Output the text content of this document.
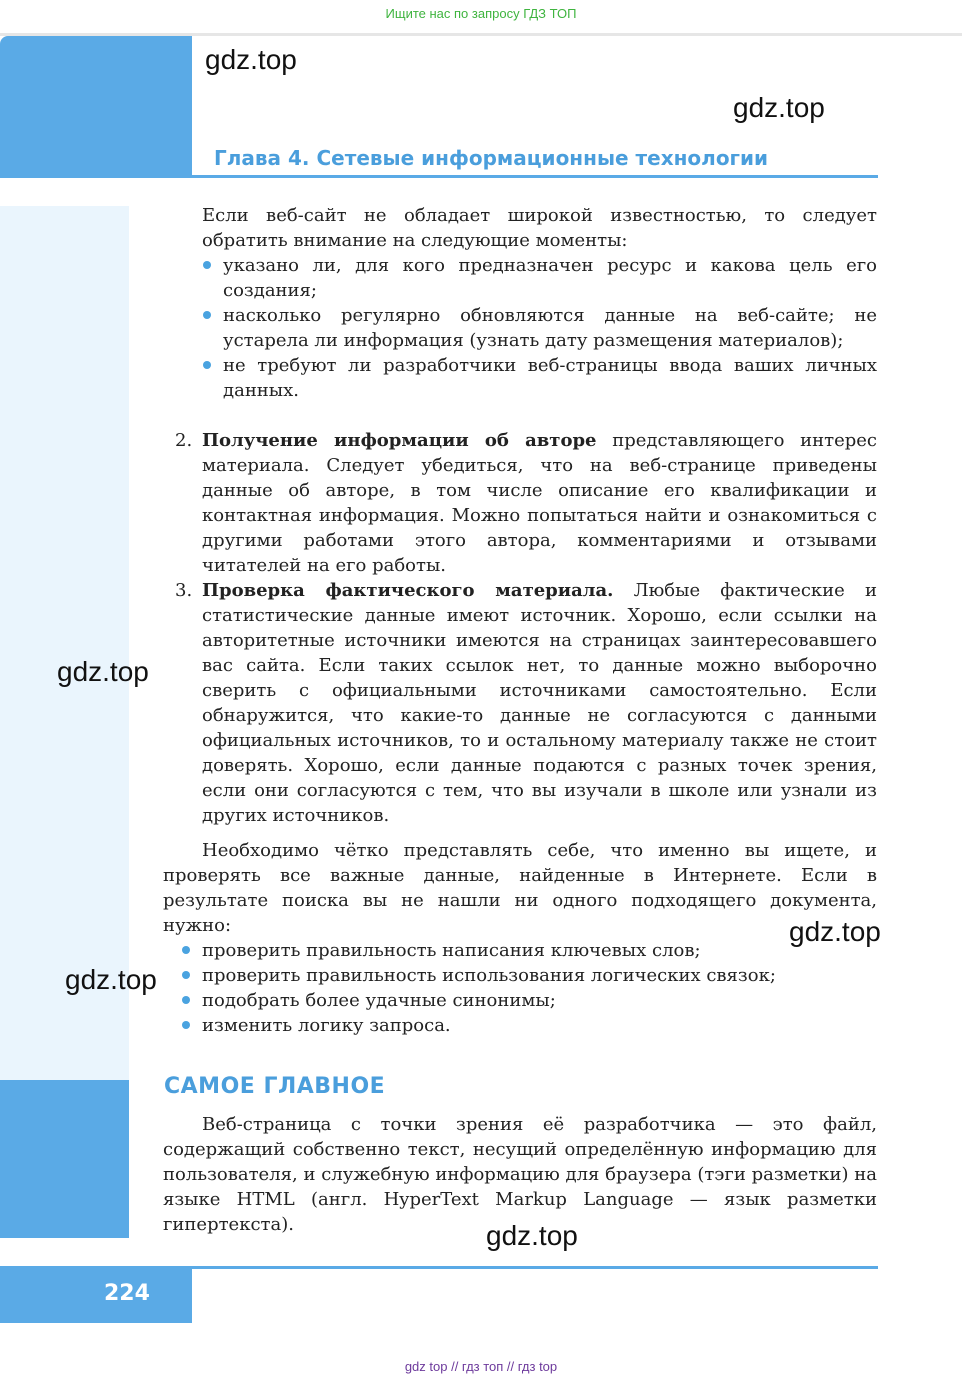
Ищите нас по запросу ГДЗ ТОП
Глава 4. Сетевые информационные технологии
gdz.top
gdz.top
gdz.top
gdz.top
gdz.top
gdz.top

Если веб-сайт не обладает широкой известностью, то следует обратить внимание на следующие моменты:

указано ли, для кого предназначен ресурс и какова цель его создания;
насколько регулярно обновляются данные на веб-сайте; не устарела ли информация (узнать дату размещения материалов);
не требуют ли разработчики веб-страницы ввода ваших личных данных.
2. Получение информации об авторе представляющего интерес материала. Следует убедиться, что на веб-странице приведены данные об авторе, в том числе описание его квалификации и контактная информация. Можно попытаться найти и ознакомиться с другими работами этого автора, комментариями и отзывами читателей на его работы.

3. Проверка фактического материала. Любые фактические и статистические данные имеют источник. Хорошо, если ссылки на авторитетные источники имеются на страницах заинтересовавшего вас сайта. Если таких ссылок нет, то данные можно выборочно сверить с официальными источниками самостоятельно. Если обнаружится, что какие-то данные не согласуются с данными официальных источников, то и остальному материалу также не стоит доверять. Хорошо, если данные подаются с разных точек зрения, если они согласуются с тем, что вы изучали в школе или узнали из других источников.

Необходимо чётко представлять себе, что именно вы ищете, и проверять все важные данные, найденные в Интернете. Если в результате поиска вы не нашли ни одного подходящего документа, нужно:

проверить правильность написания ключевых слов;
проверить правильность использования логических связок;
подобрать более удачные синонимы;
изменить логику запроса.
САМОЕ ГЛАВНОЕ

Веб-страница с точки зрения её разработчика — это файл, содержащий собственно текст, несущий определённую информацию для пользователя, и служебную информацию для браузера (тэги разметки) на языке HTML (англ. HyperText Markup Language — язык разметки гипертекста).

224
gdz top // гдз топ // гдз top
